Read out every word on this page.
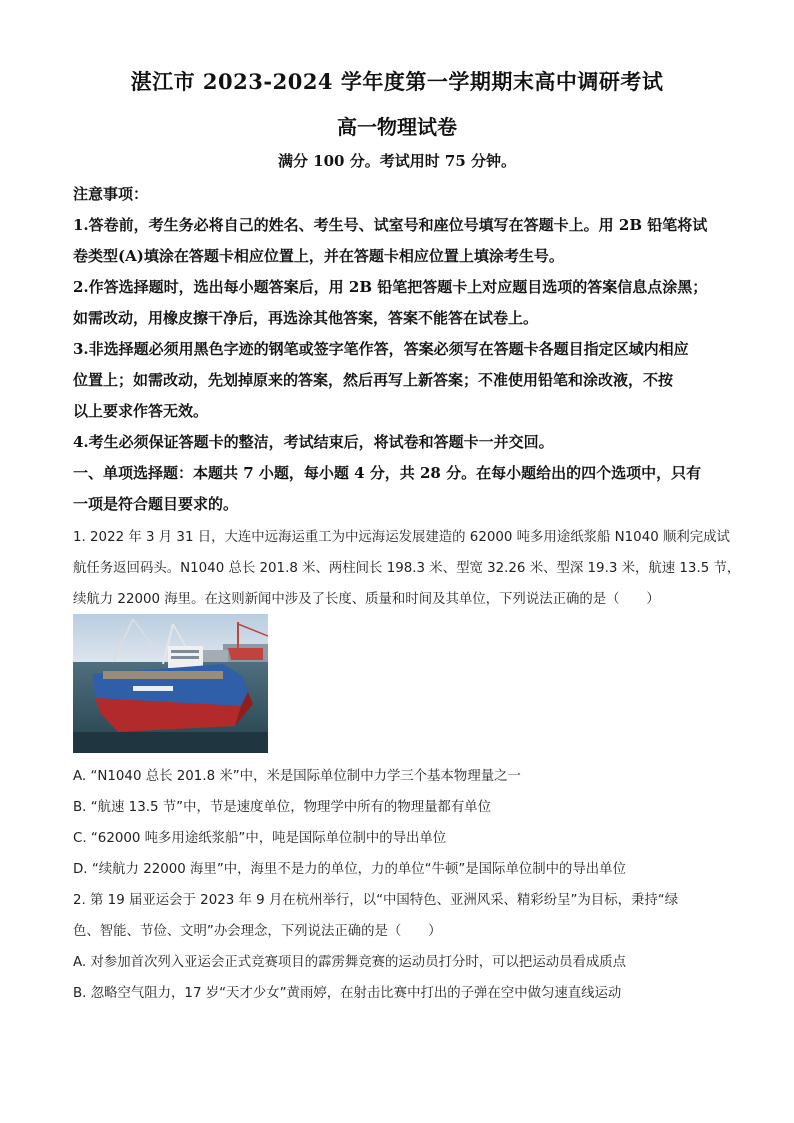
湛江市 2023-2024 学年度第一学期期末高中调研考试
高一物理试卷
满分 100 分。考试用时 75 分钟。
注意事项：
1.答卷前，考生务必将自己的姓名、考生号、试室号和座位号填写在答题卡上。用 2B 铅笔将试
卷类型(A)填涂在答题卡相应位置上，并在答题卡相应位置上填涂考生号。
2.作答选择题时，选出每小题答案后，用 2B 铅笔把答题卡上对应题目选项的答案信息点涂黑；
如需改动，用橡皮擦干净后，再选涂其他答案，答案不能答在试卷上。
3.非选择题必须用黑色字迹的钢笔或签字笔作答，答案必须写在答题卡各题目指定区域内相应
位置上；如需改动，先划掉原来的答案，然后再写上新答案；不准使用铅笔和涂改液，不按
以上要求作答无效。
4.考生必须保证答题卡的整洁，考试结束后，将试卷和答题卡一并交回。
一、单项选择题：本题共 7 小题，每小题 4 分，共 28 分。在每小题给出的四个选项中，只有
一项是符合题目要求的。
1. 2022 年 3 月 31 日，大连中远海运重工为中远海运发展建造的 62000 吨多用途纸浆船 N1040 顺利完成试
航任务返回码头。N1040 总长 201.8 米、两柱间长 198.3 米、型宽 32.26 米、型深 19.3 米，航速 13.5 节，
续航力 22000 海里。在这则新闻中涉及了长度、质量和时间及其单位，下列说法正确的是（　　）
A. “N1040 总长 201.8 米”中，米是国际单位制中力学三个基本物理量之一
B. “航速 13.5 节”中，节是速度单位，物理学中所有的物理量都有单位
C. “62000 吨多用途纸浆船”中，吨是国际单位制中的导出单位
D. “续航力 22000 海里”中，海里不是力的单位，力的单位“牛顿”是国际单位制中的导出单位
2. 第 19 届亚运会于 2023 年 9 月在杭州举行，以“中国特色、亚洲风采、精彩纷呈”为目标，秉持“绿
色、智能、节俭、文明”办会理念，下列说法正确的是（　　）
A. 对参加首次列入亚运会正式竞赛项目的霹雳舞竞赛的运动员打分时，可以把运动员看成质点
B. 忽略空气阻力，17 岁“天才少女”黄雨婷，在射击比赛中打出的子弹在空中做匀速直线运动
